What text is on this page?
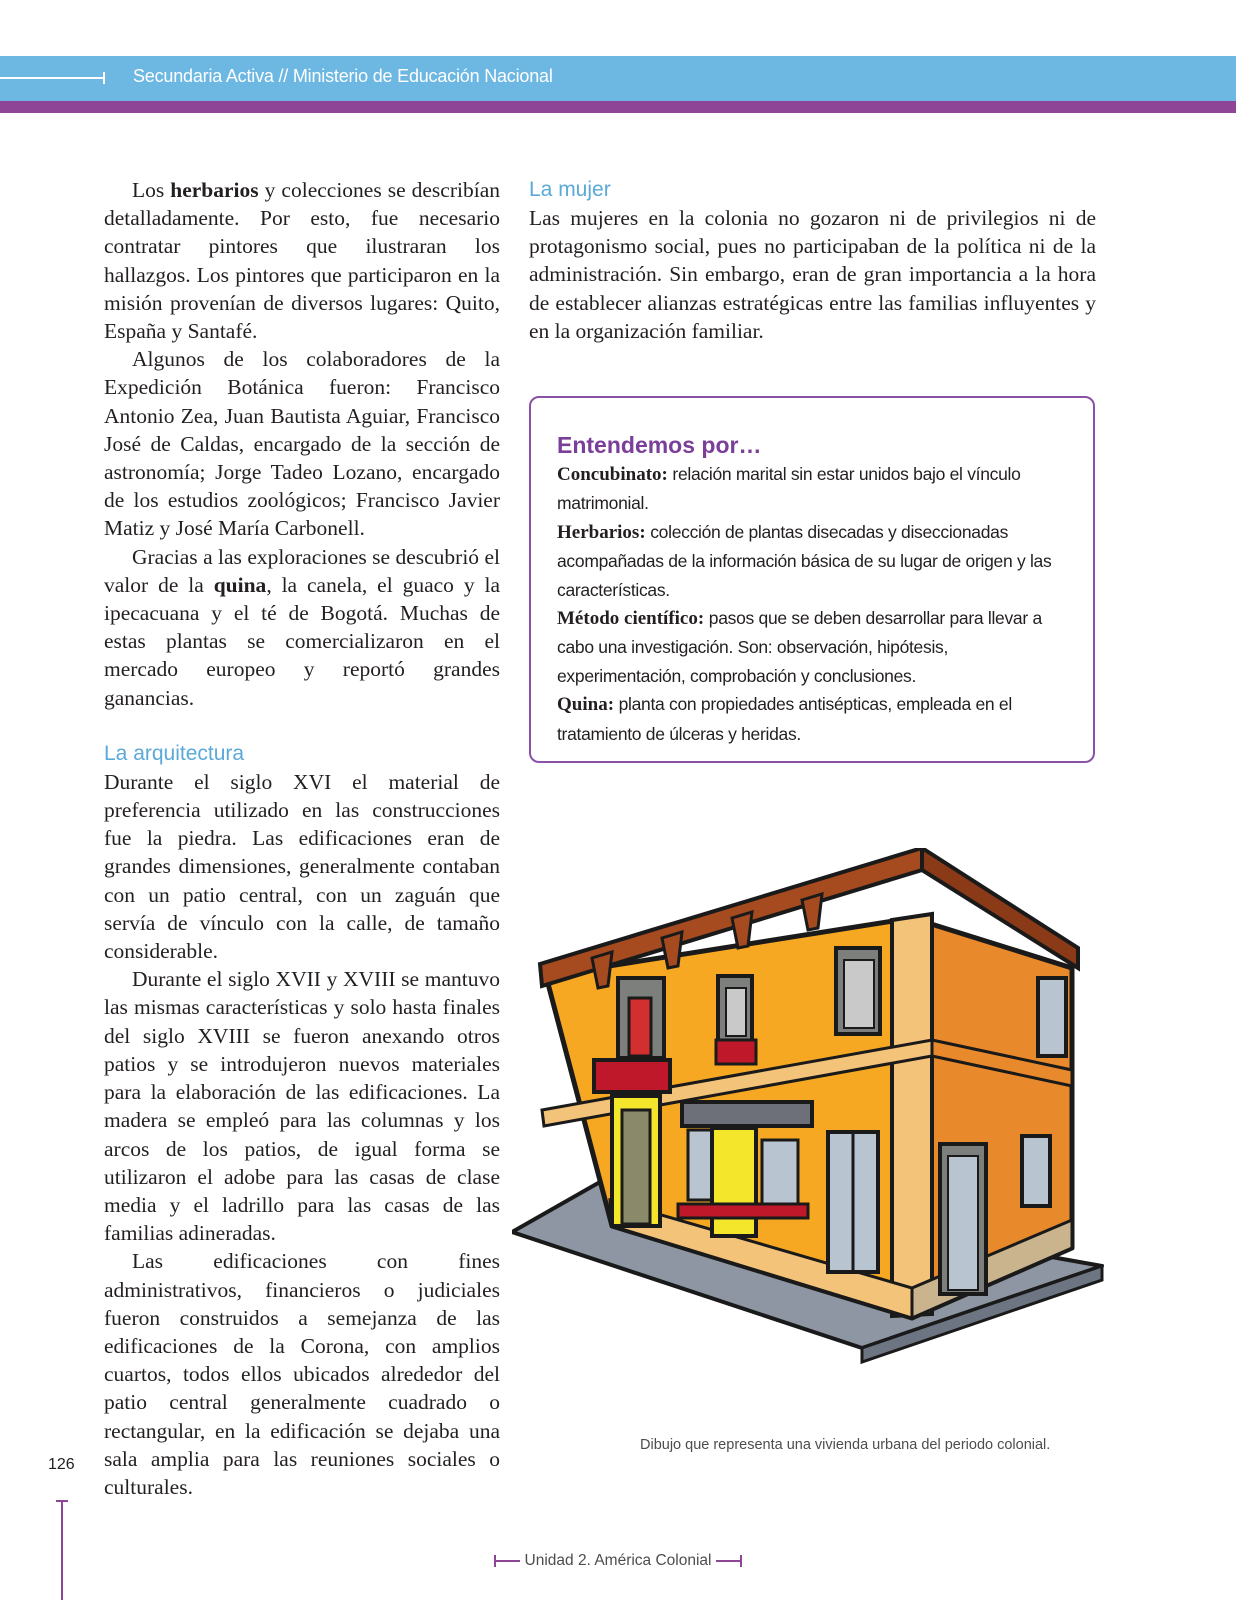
Secundaria Activa // Ministerio de Educación Nacional

Los herbarios y colecciones se describían detalladamente. Por esto, fue necesario contratar pintores que ilustraran los hallazgos. Los pintores que participaron en la misión provenían de diversos lugares: Quito, España y Santafé.

Algunos de los colaboradores de la Expedición Botánica fueron: Francisco Antonio Zea, Juan Bautista Aguiar, Francisco José de Caldas, encargado de la sección de astronomía; Jorge Tadeo Lozano, encargado de los estudios zoológicos; Francisco Javier Matiz y José María Carbonell.

Gracias a las exploraciones se descubrió el valor de la quina, la canela, el guaco y la ipecacuana y el té de Bogotá. Muchas de estas plantas se comercializaron en el mercado europeo y reportó grandes ganancias.

La arquitectura

Durante el siglo XVI el material de preferencia utilizado en las construcciones fue la piedra. Las edificaciones eran de grandes dimensiones, generalmente contaban con un patio central, con un zaguán que servía de vínculo con la calle, de tamaño considerable.

Durante el siglo XVII y XVIII se mantuvo las mismas características y solo hasta finales del siglo XVIII se fueron anexando otros patios y se introdujeron nuevos materiales para la elaboración de las edificaciones. La madera se empleó para las columnas y los arcos de los patios, de igual forma se utilizaron el adobe para las casas de clase media y el ladrillo para las casas de las familias adineradas.

Las edificaciones con fines administrativos, financieros o judiciales fueron construidos a semejanza de las edificaciones de la Corona, con amplios cuartos, todos ellos ubicados alrededor del patio central generalmente cuadrado o rectangular, en la edificación se dejaba una sala amplia para las reuniones sociales o culturales.

La mujer

Las mujeres en la colonia no gozaron ni de privilegios ni de protagonismo social, pues no participaban de la política ni de la administración. Sin embargo, eran de gran importancia a la hora de establecer alianzas estratégicas entre las familias influyentes y en la organización familiar.

Entendemos por…
Concubinato: relación marital sin estar unidos bajo el vínculo matrimonial.
Herbarios: colección de plantas disecadas y diseccionadas acompañadas de la información básica de su lugar de origen y las características.
Método científico: pasos que se deben desarrollar para llevar a cabo una investigación. Son: observación, hipótesis, experimentación, comprobación y conclusiones.
Quina: planta con propiedades antisépticas, empleada en el tratamiento de úlceras y heridas.
Dibujo que representa una vivienda urbana del periodo colonial.
126
Unidad 2. América Colonial
